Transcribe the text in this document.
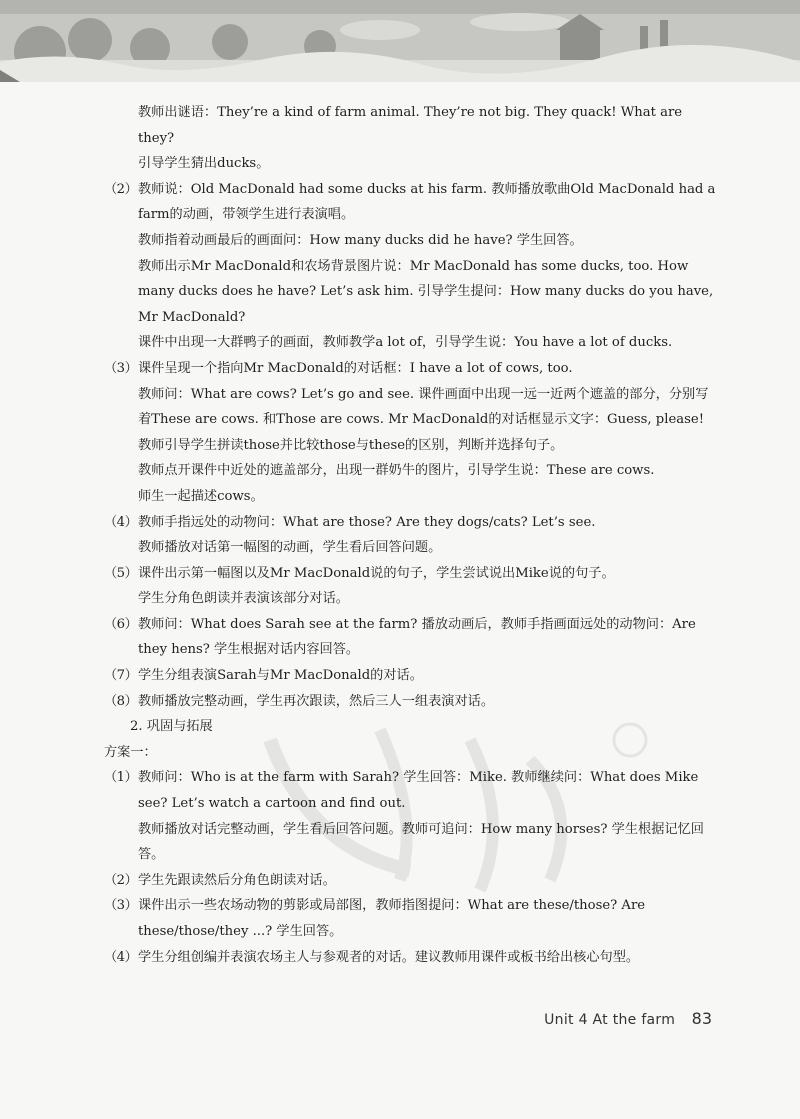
教师出谜语：They’re a kind of farm animal. They’re not big. They quack! What are they?

引导学生猜出ducks。

（2） 教师说：Old MacDonald had some ducks at his farm. 教师播放歌曲Old MacDonald had a farm的动画，带领学生进行表演唱。

教师指着动画最后的画面问：How many ducks did he have? 学生回答。

教师出示Mr MacDonald和农场背景图片说：Mr MacDonald has some ducks, too. How many ducks does he have? Let’s ask him. 引导学生提问：How many ducks do you have, Mr MacDonald?

课件中出现一大群鸭子的画面，教师教学a lot of，引导学生说：You have a lot of ducks.

（3） 课件呈现一个指向Mr MacDonald的对话框：I have a lot of cows, too.

教师问：What are cows? Let’s go and see. 课件画面中出现一远一近两个遮盖的部分，分别写着These are cows. 和Those are cows. Mr MacDonald的对话框显示文字：Guess, please!

教师引导学生拼读those并比较those与these的区别，判断并选择句子。

教师点开课件中近处的遮盖部分，出现一群奶牛的图片，引导学生说：These are cows.

师生一起描述cows。

（4） 教师手指远处的动物问：What are those? Are they dogs/cats? Let’s see.

教师播放对话第一幅图的动画，学生看后回答问题。

（5） 课件出示第一幅图以及Mr MacDonald说的句子，学生尝试说出Mike说的句子。

学生分角色朗读并表演该部分对话。

（6） 教师问：What does Sarah see at the farm? 播放动画后，教师手指画面远处的动物问：Are they hens? 学生根据对话内容回答。
（7） 学生分组表演Sarah与Mr MacDonald的对话。
（8） 教师播放完整动画，学生再次跟读，然后三人一组表演对话。

2. 巩固与拓展

方案一：

（1） 教师问：Who is at the farm with Sarah? 学生回答：Mike. 教师继续问：What does Mike see? Let’s watch a cartoon and find out.

教师播放对话完整动画，学生看后回答问题。教师可追问：How many horses? 学生根据记忆回答。

（2） 学生先跟读然后分角色朗读对话。
（3） 课件出示一些农场动物的剪影或局部图，教师指图提问：What are these/those? Are these/those/they ...? 学生回答。
（4） 学生分组创编并表演农场主人与参观者的对话。建议教师用课件或板书给出核心句型。
Unit 4 At the farm 83
